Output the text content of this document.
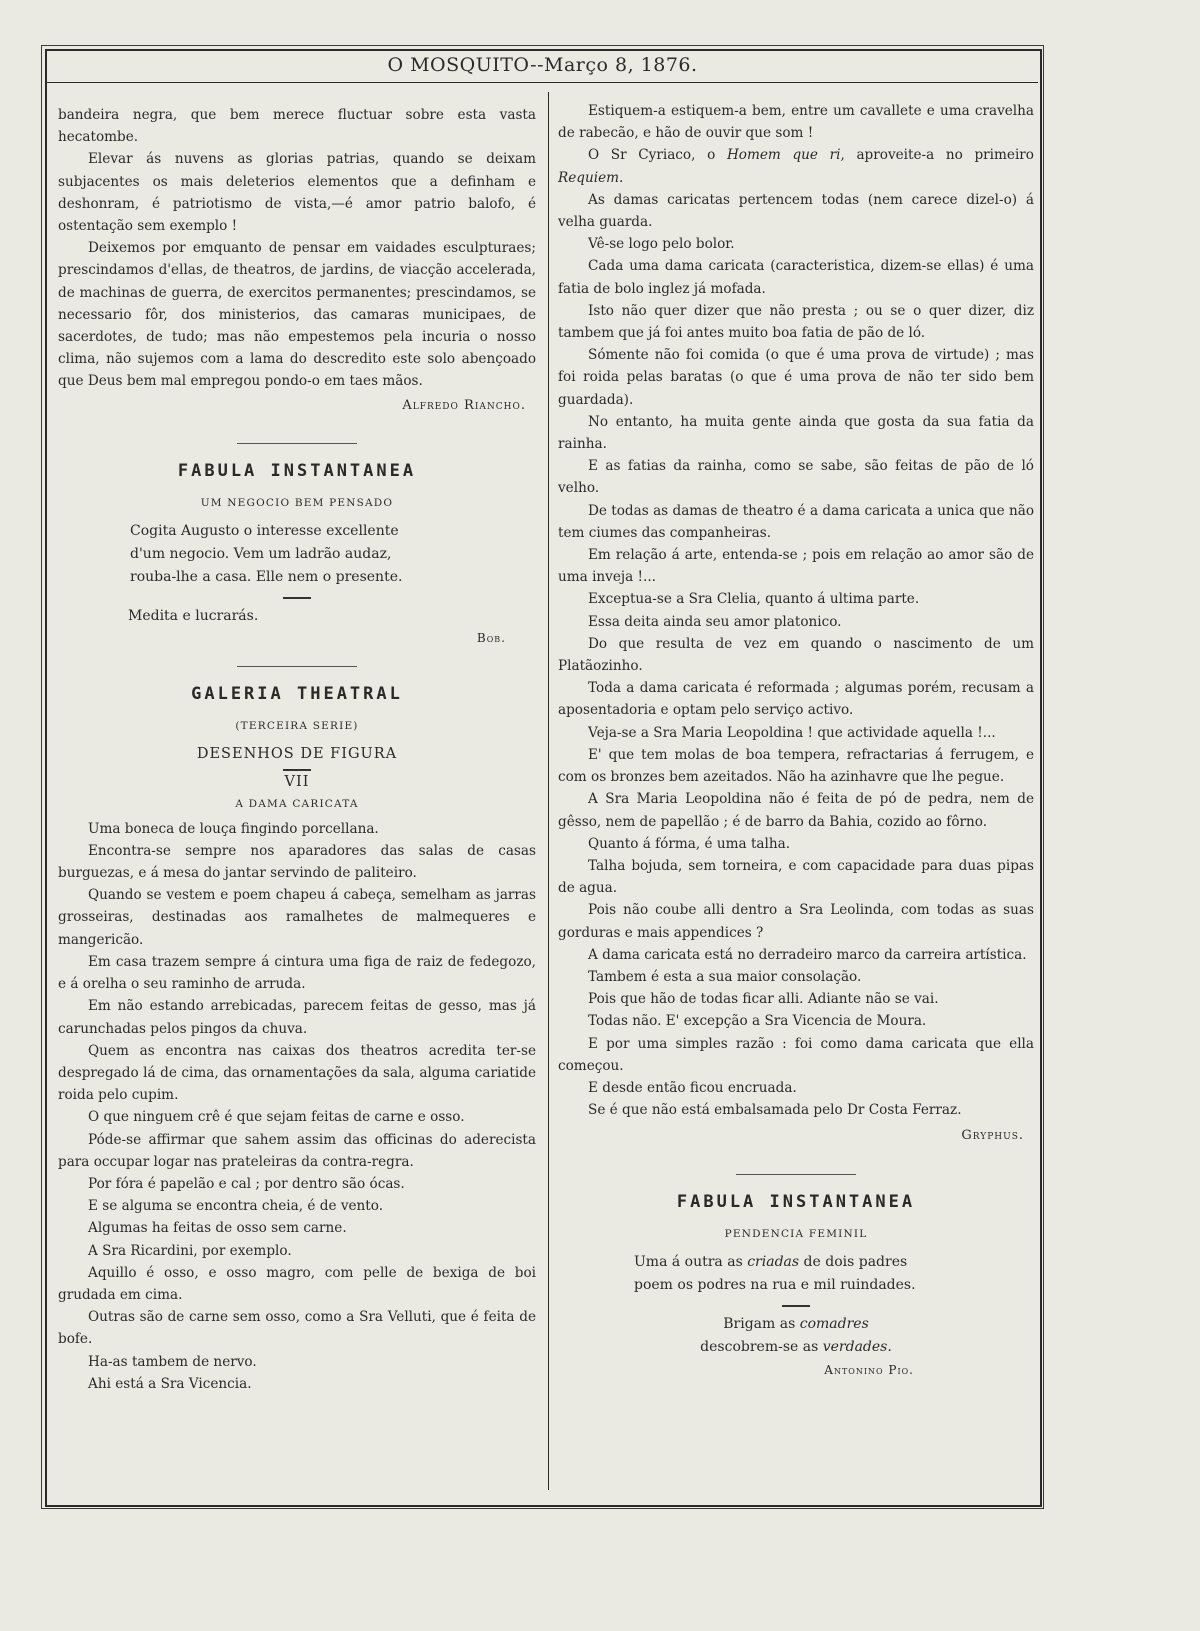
O MOSQUITO--Março 8, 1876.

bandeira negra, que bem merece fluctuar sobre esta vasta hecatombe.

Elevar ás nuvens as glorias patrias, quando se deixam subjacentes os mais deleterios elementos que a definham e deshonram, é patriotismo de vista,—é amor patrio balofo, é ostentação sem exemplo !

Deixemos por emquanto de pensar em vaidades esculpturaes; prescindamos d'ellas, de theatros, de jardins, de viacção accelerada, de machinas de guerra, de exercitos permanentes; prescindamos, se necessario fôr, dos ministerios, das camaras municipaes, de sacerdotes, de tudo; mas não empestemos pela incuria o nosso clima, não sujemos com a lama do descredito este solo abençoado que Deus bem mal empregou pondo-o em taes mãos.

Alfredo Riancho.
FABULA INSTANTANEA
UM NEGOCIO BEM PENSADO
Cogita Augusto o interesse excellente
d'um negocio. Vem um ladrão audaz,
rouba-lhe a casa. Elle nem o presente.
Medita e lucrarás.
Bob.
GALERIA THEATRAL
(TERCEIRA SERIE)
DESENHOS DE FIGURA
VII
A DAMA CARICATA

Uma boneca de louça fingindo porcellana.

Encontra-se sempre nos aparadores das salas de casas burguezas, e á mesa do jantar servindo de paliteiro.

Quando se vestem e poem chapeu á cabeça, semelham as jarras grosseiras, destinadas aos ramalhetes de malmequeres e mangericão.

Em casa trazem sempre á cintura uma figa de raiz de fedegozo, e á orelha o seu raminho de arruda.

Em não estando arrebicadas, parecem feitas de gesso, mas já carunchadas pelos pingos da chuva.

Quem as encontra nas caixas dos theatros acredita ter-se despregado lá de cima, das ornamentações da sala, alguma cariatide roida pelo cupim.

O que ninguem crê é que sejam feitas de carne e osso.

Póde-se affirmar que sahem assim das officinas do aderecista para occupar logar nas prateleiras da contra-regra.

Por fóra é papelão e cal ; por dentro são ócas.

E se alguma se encontra cheia, é de vento.

Algumas ha feitas de osso sem carne.

A Sra Ricardini, por exemplo.

Aquillo é osso, e osso magro, com pelle de bexiga de boi grudada em cima.

Outras são de carne sem osso, como a Sra Velluti, que é feita de bofe.

Ha-as tambem de nervo.

Ahi está a Sra Vicencia.

Estiquem-a estiquem-a bem, entre um cavallete e uma cravelha de rabecão, e hão de ouvir que som !

O Sr Cyriaco, o Homem que ri, aproveite-a no primeiro Requiem.

As damas caricatas pertencem todas (nem carece dizel-o) á velha guarda.

Vê-se logo pelo bolor.

Cada uma dama caricata (caracteristica, dizem-se ellas) é uma fatia de bolo inglez já mofada.

Isto não quer dizer que não presta ; ou se o quer dizer, diz tambem que já foi antes muito boa fatia de pão de ló.

Sómente não foi comida (o que é uma prova de virtude) ; mas foi roida pelas baratas (o que é uma prova de não ter sido bem guardada).

No entanto, ha muita gente ainda que gosta da sua fatia da rainha.

E as fatias da rainha, como se sabe, são feitas de pão de ló velho.

De todas as damas de theatro é a dama caricata a unica que não tem ciumes das companheiras.

Em relação á arte, entenda-se ; pois em relação ao amor são de uma inveja !...

Exceptua-se a Sra Clelia, quanto á ultima parte.

Essa deita ainda seu amor platonico.

Do que resulta de vez em quando o nascimento de um Platãozinho.

Toda a dama caricata é reformada ; algumas porém, recusam a aposentadoria e optam pelo serviço activo.

Veja-se a Sra Maria Leopoldina ! que actividade aquella !...

E' que tem molas de boa tempera, refractarias á ferrugem, e com os bronzes bem azeitados. Não ha azinhavre que lhe pegue.

A Sra Maria Leopoldina não é feita de pó de pedra, nem de gêsso, nem de papellão ; é de barro da Bahia, cozido ao fôrno.

Quanto á fórma, é uma talha.

Talha bojuda, sem torneira, e com capacidade para duas pipas de agua.

Pois não coube alli dentro a Sra Leolinda, com todas as suas gorduras e mais appendices ?

A dama caricata está no derradeiro marco da carreira artística.

Tambem é esta a sua maior consolação.

Pois que hão de todas ficar alli. Adiante não se vai.

Todas não. E' excepção a Sra Vicencia de Moura.

E por uma simples razão : foi como dama caricata que ella começou.

E desde então ficou encruada.

Se é que não está embalsamada pelo Dr Costa Ferraz.

Gryphus.
FABULA INSTANTANEA
PENDENCIA FEMINIL
Uma á outra as criadas de dois padres
poem os podres na rua e mil ruindades.
Brigam as comadres
descobrem-se as verdades.
Antonino Pio.
